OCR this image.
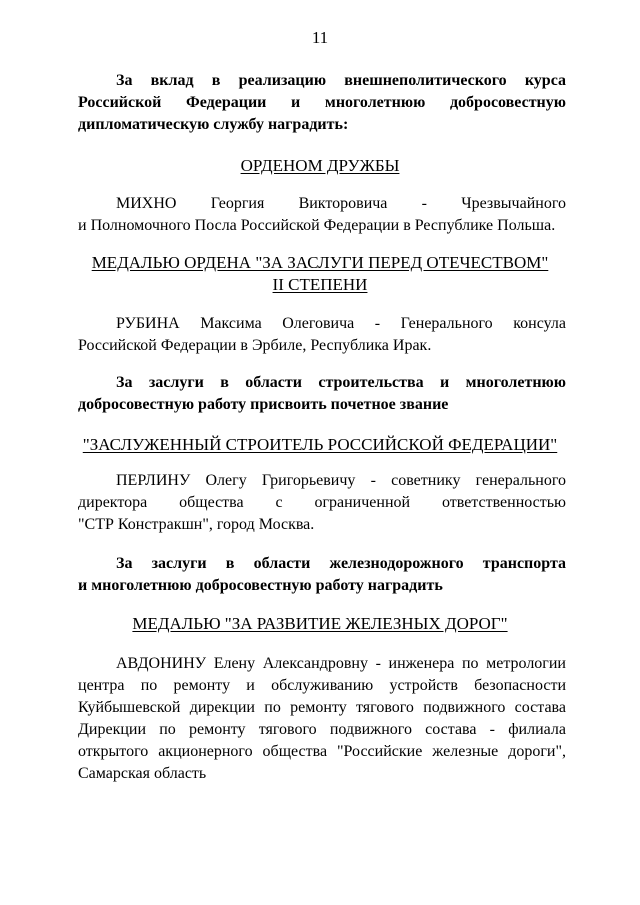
11
За вклад в реализацию внешнеполитического курса
Российской Федерации и многолетнюю добросовестную
дипломатическую службу наградить:
ОРДЕНОМ ДРУЖБЫ
МИХНО Георгия Викторовича - Чрезвычайного
и Полномочного Посла Российской Федерации в Республике Польша.
МЕДАЛЬЮ ОРДЕНА "ЗА ЗАСЛУГИ ПЕРЕД ОТЕЧЕСТВОМ"
II СТЕПЕНИ
РУБИНА Максима Олеговича - Генерального консула
Российской Федерации в Эрбиле, Республика Ирак.
За заслуги в области строительства и многолетнюю
добросовестную работу присвоить почетное звание
"ЗАСЛУЖЕННЫЙ СТРОИТЕЛЬ РОССИЙСКОЙ ФЕДЕРАЦИИ"
ПЕРЛИНУ Олегу Григорьевичу - советнику генерального
директора общества с ограниченной ответственностью
"СТР Констракшн", город Москва.
За заслуги в области железнодорожного транспорта
и многолетнюю добросовестную работу наградить
МЕДАЛЬЮ "ЗА РАЗВИТИЕ ЖЕЛЕЗНЫХ ДОРОГ"
АВДОНИНУ Елену Александровну - инженера по метрологии
центра по ремонту и обслуживанию устройств безопасности
Куйбышевской дирекции по ремонту тягового подвижного состава
Дирекции по ремонту тягового подвижного состава - филиала
открытого акционерного общества "Российские железные дороги",
Самарская область
